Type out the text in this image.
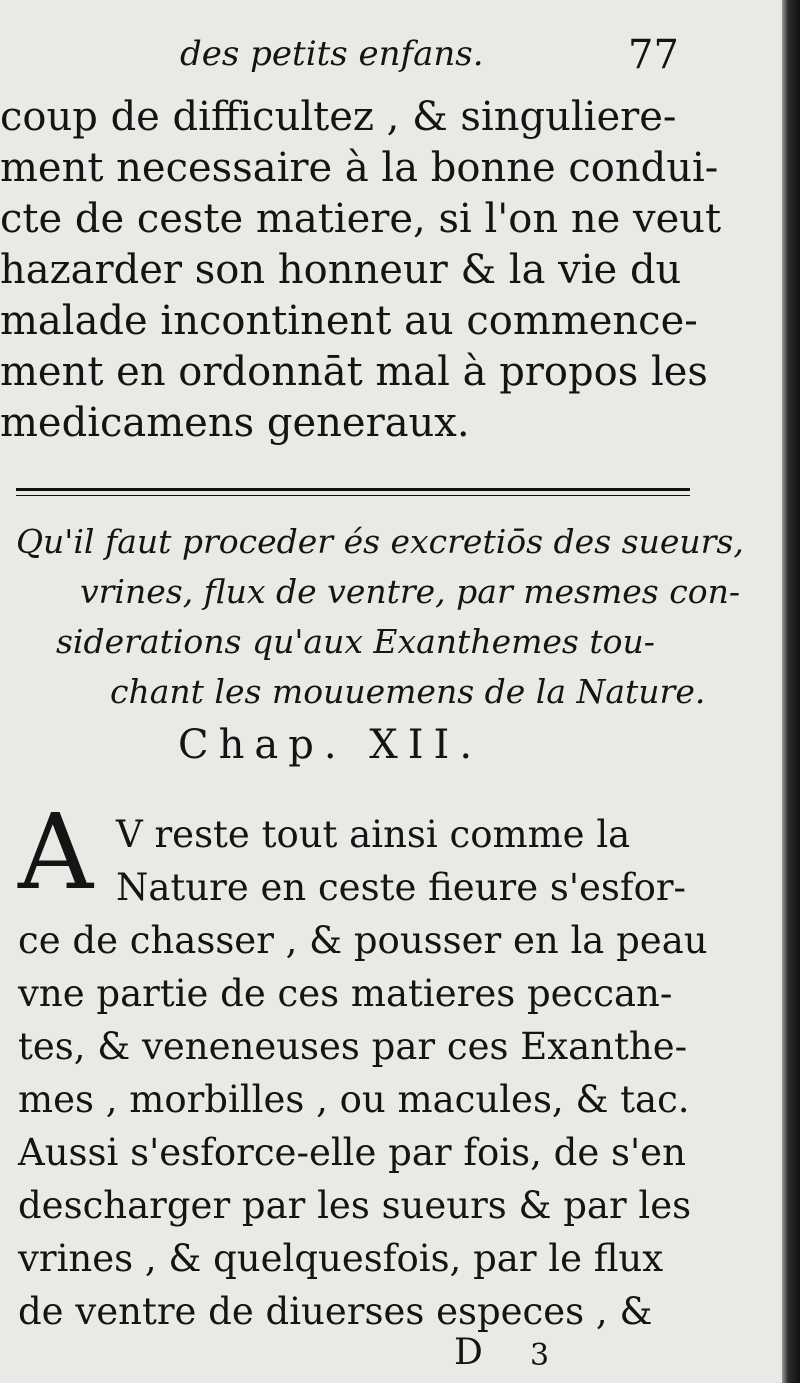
des petits enfans.	77
coup de difficultez , & singuliere-
ment necessaire à la bonne condui-
cte de ceste matiere, si l'on ne veut
hazarder son honneur & la vie du
malade incontinent au commence-
ment en ordonnāt mal à propos les
medicamens generaux.
Qu'il faut proceder és excretiōs des sueurs,
vrines, flux de ventre, par mesmes con-
siderations qu'aux Exanthemes tou-
chant les mouuemens de la Nature.
Chap. XII.
A V reste tout ainsi comme la
Nature en ceste fieure s'esfor-
ce de chasser , & pousser en la peau
vne partie de ces matieres peccan-
tes, & veneneuses par ces Exanthe-
mes , morbilles , ou macules, & tac.
Aussi s'esforce-elle par fois, de s'en
descharger par les sueurs & par les
vrines , & quelquesfois, par le flux
de ventre de diuerses especes , &
D 3
